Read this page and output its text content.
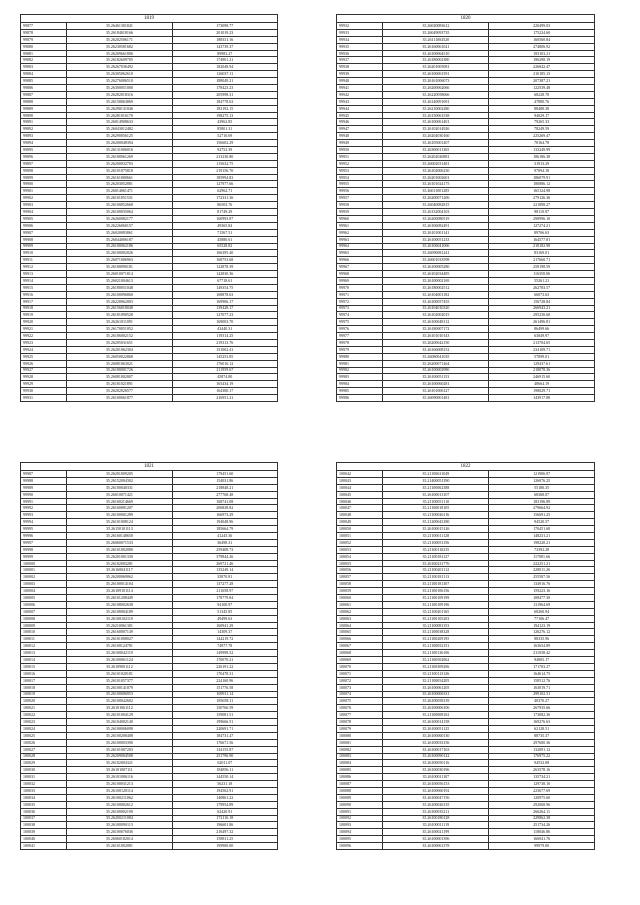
1819		
99877	35.26461301841	173098.77
99878	35.26184018166	201019.23
99879	35.26202506171	188331.16
99880	35.26230581682	143739.37
99881	35.26209661806	89983.27
99882	35.26182609705	174901.21
99883	35.26267036492	182048.94
99884	35.26305062610	126037.11
99885	35.26276006510	188049.21
99886	35.26300051000	178423.23
99887	35.26282018316	205998.31
99888	35.26158063869	184778.63
99889	35.26290131046	183192.15
99890	35.26281016170	198275.13
99891	35.26014908633	43962.85
99892	35.26043012482	85801.31
99893	35.26290056125	52710.69
99894	35.26200048394	156602.29
99895	35.26131006016	92752.39
99896	35.26180061269	213230.80
99897	35.26200032703	115632.75
99898	35.26101075818	219156.70
99899	35.26161000661	185994.83
99900	35.26203052881	127977.66
99901	35.26014061471	62962.71
99902	35.26101051531	172331.36
99903	35.26100052668	86503.76
99904	35.26100035064	81749.29
99905	35.26260082177	160993.87
99906	35.26226060157	49365.84
99907	35.26020083861	71567.51
99908	35.26044006187	45880.61
99909	35.26100062186	65528.82
99910	35.26100002026	166395.40
99911	35.26071006963	168753.68
99912	35.26180090181	122878.39
99913	35.26010071814	142830.36
99914	35.26021004613	67718.61
99915	35.26180051048	149354.75
99916	35.26100096860	168878.63
99917	35.26220062003	169906.17
99918	35.26156018048	139428.17
99919	35.26181090528	127077.23
99920	35.26261011091	169003.70
99921	35.26170051052	43440.31
99922	35.26186002152	119314.25
99923	35.26205031651	219313.76
99924	35.26201062304	151002.41
99925	35.26050022868	145253.85
99926	35.26081063021	176016.12
99927	35.26180001726	211959.67
99928	35.26081002007	45874.80
99929	35.26181021891	165434.19
99930	35.26202026577	164300.17
99931	35.26100061877	216951.21
1820		
99932	35.26020083612	220499.03
99933	35.26049093735	175224.60
99934	35.26111004520	160560.84
99935	35.26160061021	274806.92
99936	35.26100064510	193103.21
99937	35.26180002380	196298.19
99938	35.26201005081	226842.47
99939	35.26100061591	210185.13
99940	35.26161006073	207387.21
99941	35.26200062066	122539.48
99942	35.26220058066	68228.78
99943	35.26140091691	47880.76
99944	35.26210002280	88488.38
99945	35.26150061538	94029.17
99946	35.26100061401	79265.33
99947	35.26102014926	78249.59
99948	35.26204030160	225269.47
99949	35.26105001207	78164.78
99950	35.26300011365	133249.99
99951	35.26202026881	186186.38
99952	35.26002031481	31913.29
99953	35.26102006230	97094.18
99954	35.26201002601	186079.91
99955	35.26101024175	180886.12
99956	35.26011001285	165124.98
99957	35.26200071206	279126.36
99958	35.26040082815	221898.27
99959	35.26132004103	98110.97
99960	35.26200080519	290996.10
99961	35.26106082491	127274.21
99962	35.26101001141	89766.63
99963	35.26100051233	164577.81
99964	35.26106041006	210182.98
99965	35.26090081241	83169.01
99966	35.26001033598	217660.71
99967	35.26100005280	258198.59
99968	35.26102034485	116350.06
99969	35.26100002169	55261.21
99970	35.26180002512	262783.57
99971	35.26104001182	66073.63
99972	35.26100057455	156728.84
99973	35.26104010320	266943.21
99974	35.26102002015	295230.60
99975	35.26100048112	261496.81
99976	35.26180007172	86499.66
99977	35.26101010143	63849.97
99978	35.26200042150	213704.65
99979	35.26166008152	234109.71
99980	35.26080041035	57099.01
99981	35.26200071264	129437.61
99982	35.26100002980	218078.36
99983	35.26100051153	246915.60
99984	35.26100060281	48664.19
99985	35.26101006127	198029.71
99986	35.26090001481	143917.88
1821		
99987	35.26201009205	179451.60
99988	35.26152004302	154031.86
99989	35.26100040331	218848.21
99990	35.26010071421	277768.48
99991	35.26160214669	168741.08
99992	35.26160081207	206838.82
99993	35.26100001289	166973.29
99994	35.26101008124	194048.96
99995	35.26150101113	185664.79
99996	35.26160148650	41245.36
99997	35.26060071533	36498.31
99998	35.26101002080	259408.73
99999	35.26201001330	379844.26
100000	35.26102003281	269721.46
100001	35.26160041117	135249.14
100002	35.26200069062	35870.81
100003	35.26100014104	137277.28
100004	35.26109101114	211658.97
100005	35.26101208449	178779.84
100006	35.26108002638	94100.97
100007	35.26108004189	51345.85
100008	35.26100102119	49499.63
100009	35.26210061301	160941.29
100010	35.26160007149	14309.37
100011	35.26101008027	144219.72
100012	35.26100124781	74977.78
100013	35.26100042119	149998.52
100014	35.26100061124	170070.21
100015	35.26109001112	226191.22
100016	35.26101020181	170478.31
100017	35.26101057377	224160.96
100018	35.26100141079	151776.58
100019	35.26100006953	169911.14
100020	35.26100042602	185658.11
100021	35.26101061112	150766.59
100022	35.26101004129	159081.51
100023	35.26104002140	199666.51
100024	35.26100006098	220691.71
100025	35.26100208408	184731.47
100026	35.26100003390	176671.56
100027	35.26101007203	134155.87
100028	35.26209004508	251796.90
100029	35.26102004321	62011.07
100030	35.26101007111	184856.11
100031	35.26101006116	144550.14
100032	35.26100031213	56231.18
100033	35.26100120114	194562.91
100034	35.26100211062	140861.22
100035	35.26100002612	179954.89
100036	35.26100002190	62420.91
100037	35.26200211084	172116.18
100038	35.26100090113	196601.86
100039	35.26100076036	216497.32
100040	35.26060182014	158811.25
100041	35.26101002081	199900.00
1822		
100042	35.21100631049	121906.97
100043	35.21400051390	126076.25
100044	35.21100002388	55180.35
100045	35.26100013107	68368.07
100046	35.21100051110	183196.89
100047	35.21100018105	279664.92
100048	35.21100026116	156691.25
100049	35.21200043180	94520.57
100050	35.26100015126	170451.68
100051	35.21100011128	148231.21
100052	35.21100051156	198220.21
100053	35.21100110235	73392.28
100054	35.21100181127	117081.66
100055	35.26100231776	222251.21
100056	35.21100201112	228011.26
100057	35.21100181113	255587.56
100058	35.21100181307	134916.76
100059	35.21100106156	159223.16
100060	35.21100109199	108477.30
100061	35.21100109196	131964.69
100062	35.21100201165	68260.94
100063	35.21100105203	77106.47
100064	35.21100081153	194123.19
100065	35.21100038328	126276.12
100066	35.21100209195	88335.96
100067	35.21100052151	163654.89
100068	35.21100136106	211038.42
100069	35.21100502062	94805.17
100070	35.21100309206	171703.27
100071	35.21100113126	164614.75
100072	35.21100054205	158512.76
100073	35.26100061205	163019.71
100074	35.26100006331	299102.31
100075	35.26100058139	40370.27
100076	35.26100006106	267935.66
100077	35.21100008102	173082.36
100078	35.26100014158	169276.63
100079	35.26100051125	62128.51
100080	35.26100060130	88735.37
100081	35.26100033156	297600.36
100082	35.26100017163	132091.12
100083	35.26100090122	176975.22
100084	35.26100050116	94532.08
100085	35.26100030196	263578.16
100086	35.26100011107	135734.21
100087	35.26100056153	129738.10
100088	35.26100060192	223677.69
100089	35.26100047156	120975.60
100090	35.26100026135	292068.96
100091	35.26100035211	266264.11
100092	35.26100180128	229862.38
100093	35.26100011119	251734.26
100094	35.26100021199	118046.86
100095	35.26100001396	166941.76
100096	35.26100061378	99979.00
